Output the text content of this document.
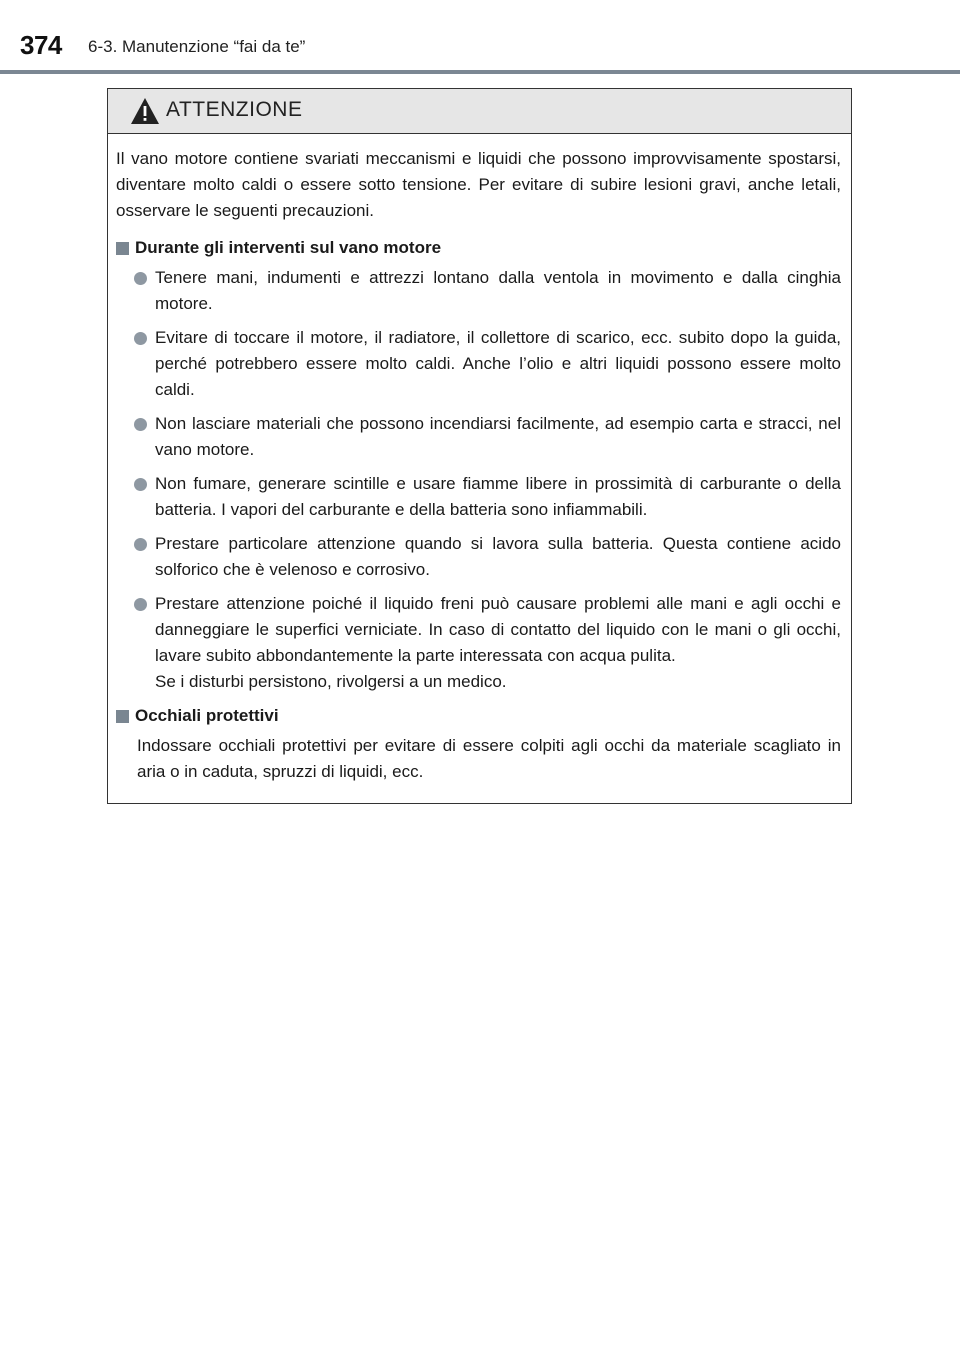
374 6-3. Manutenzione “fai da te”
ATTENZIONE

Il vano motore contiene svariati meccanismi e liquidi che possono improvvisamente spostarsi, diventare molto caldi o essere sotto tensione. Per evitare di subire lesioni gravi, anche letali, osservare le seguenti precauzioni.

Durante gli interventi sul vano motore
Tenere mani, indumenti e attrezzi lontano dalla ventola in movimento e dalla cinghia motore.
Evitare di toccare il motore, il radiatore, il collettore di scarico, ecc. subito dopo la guida, perché potrebbero essere molto caldi. Anche l’olio e altri liquidi possono essere molto caldi.
Non lasciare materiali che possono incendiarsi facilmente, ad esempio carta e stracci, nel vano motore.
Non fumare, generare scintille e usare fiamme libere in prossimità di carburante o della batteria. I vapori del carburante e della batteria sono infiammabili.
Prestare particolare attenzione quando si lavora sulla batteria. Questa contiene acido solforico che è velenoso e corrosivo.
Prestare attenzione poiché il liquido freni può causare problemi alle mani e agli occhi e danneggiare le superfici verniciate. In caso di contatto del liquido con le mani o gli occhi, lavare subito abbondantemente la parte interessata con acqua pulita.
Se i disturbi persistono, rivolgersi a un medico.
Occhiali protettivi

Indossare occhiali protettivi per evitare di essere colpiti agli occhi da materiale scagliato in aria o in caduta, spruzzi di liquidi, ecc.
